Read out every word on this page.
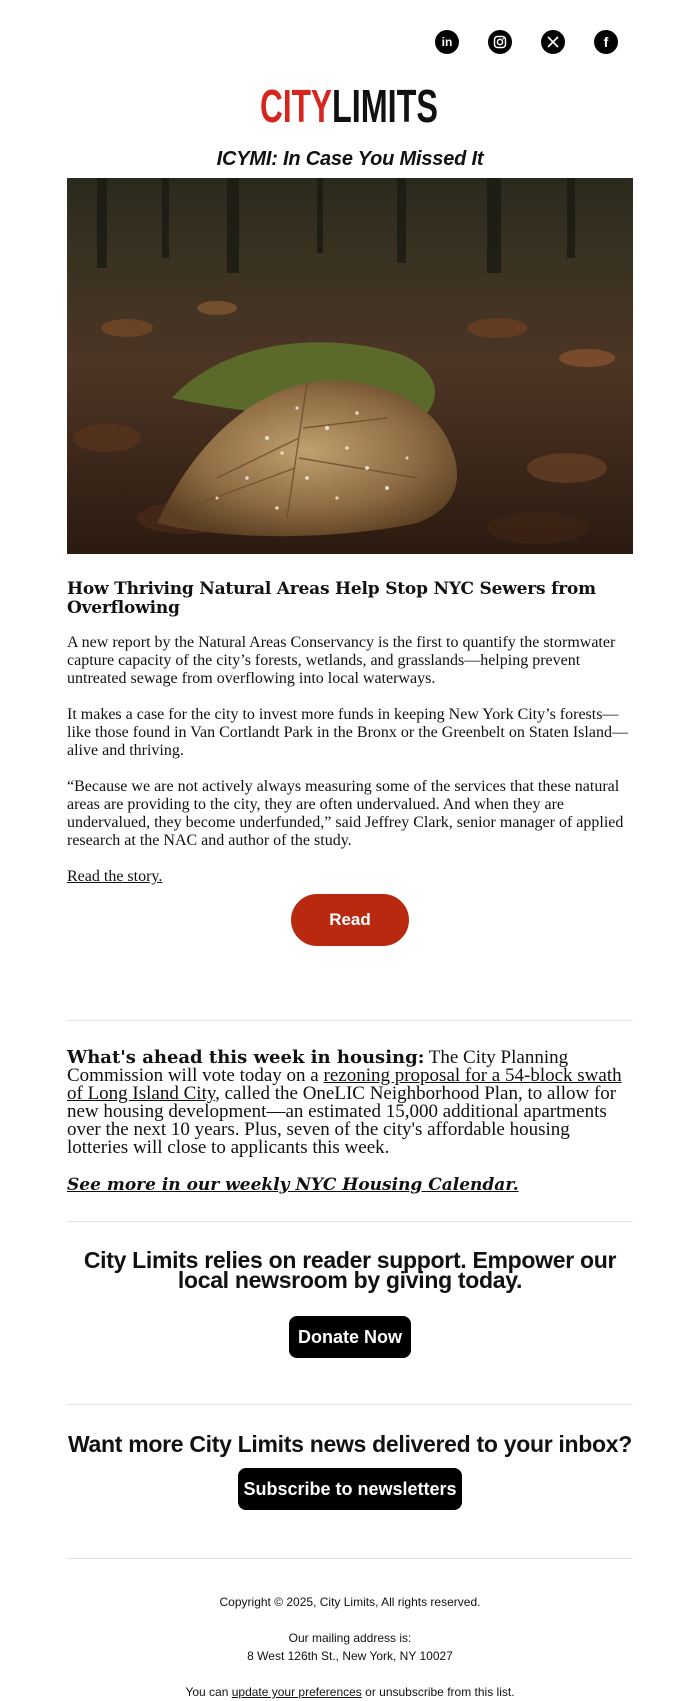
in	f
CITY LIMITS

ICYMI: In Case You Missed It

How Thriving Natural Areas Help Stop NYC Sewers from Overflowing

A new report by the Natural Areas Conservancy is the first to quantify the stormwater capture capacity of the city’s forests, wetlands, and grasslands—helping prevent untreated sewage from overflowing into local waterways.

It makes a case for the city to invest more funds in keeping New York City’s forests—like those found in Van Cortlandt Park in the Bronx or the Greenbelt on Staten Island—alive and thriving.

“Because we are not actively always measuring some of the services that these natural areas are providing to the city, they are often undervalued. And when they are undervalued, they become underfunded,” said Jeffrey Clark, senior manager of applied research at the NAC and author of the study.

Read the story.

Read More

What's ahead this week in housing: The City Planning Commission will vote today on a rezoning proposal for a 54-block swath of Long Island City, called the OneLIC Neighborhood Plan, to allow for new housing development—an estimated 15,000 additional apartments over the next 10 years. Plus, seven of the city's affordable housing lotteries will close to applicants this week.

See more in our weekly NYC Housing Calendar.

City Limits relies on reader support. Empower our local newsroom by giving today.

Donate Now

Want more City Limits news delivered to your inbox?

Subscribe to newsletters
Copyright © 2025, City Limits, All rights reserved.
Our mailing address is:
8 West 126th St., New York, NY 10027
You can update your preferences or unsubscribe from this list.
